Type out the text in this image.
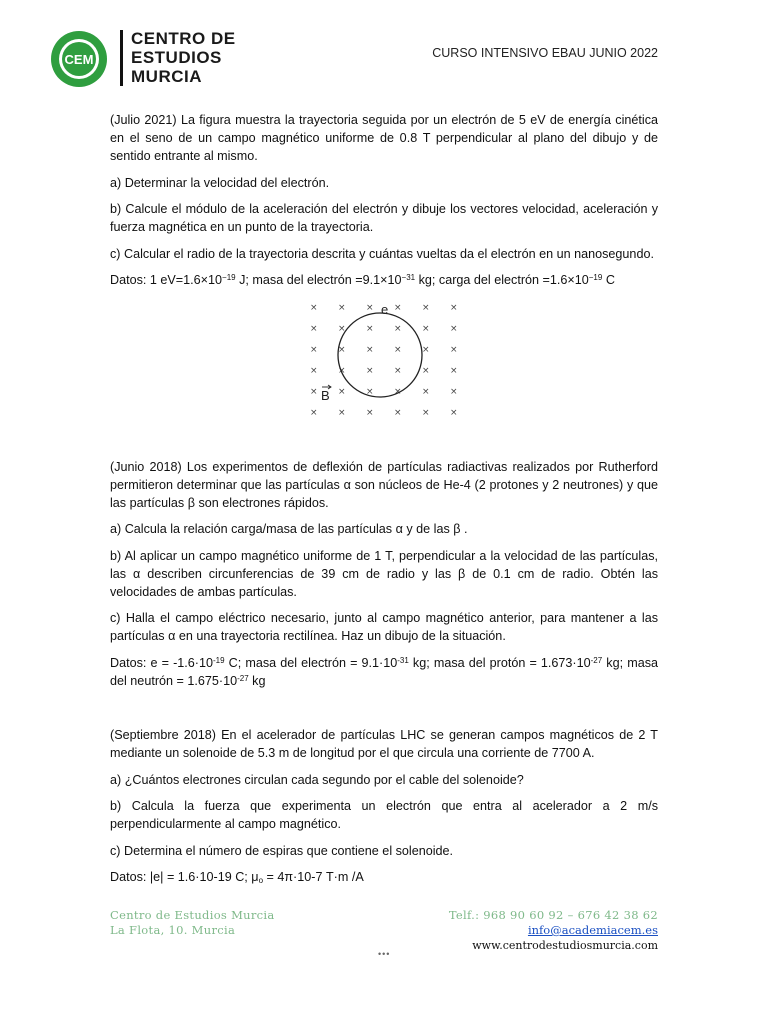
CEM
CENTRO DE
ESTUDIOS
MURCIA
CURSO INTENSIVO EBAU JUNIO 2022

(Julio 2021) La figura muestra la trayectoria seguida por un electrón de 5 eV de energía cinética en el seno de un campo magnético uniforme de 0.8 T perpendicular al plano del dibujo y de sentido entrante al mismo.

a) Determinar la velocidad del electrón.

b) Calcule el módulo de la aceleración del electrón y dibuje los vectores velocidad, aceleración y fuerza magnética en un punto de la trayectoria.

c) Calcular el radio de la trayectoria descrita y cuántas vueltas da el electrón en un nanosegundo.

Datos: 1 $eV=1.6\times 10^{-19}$ J; masa del electrón $=9.1\times 10^{-31}$ kg; carga del electrón $=1.6\times 10^{-19}$ C

× × × × × ×
× × × × × ×
× × × × × ×
× × × × × ×
× × × × × ×
× × × × × ×
e
B

(Junio 2018) Los experimentos de deflexión de partículas radiactivas realizados por Rutherford permitieron determinar que las partículas α son núcleos de He-4 (2 protones y 2 neutrones) y que las partículas β son electrones rápidos.

a) Calcula la relación carga/masa de las partículas α y de las β .

b) Al aplicar un campo magnético uniforme de 1 T, perpendicular a la velocidad de las partículas, las α describen circunferencias de 39 cm de radio y las β de 0.1 cm de radio. Obtén las velocidades de ambas partículas.

c) Halla el campo eléctrico necesario, junto al campo magnético anterior, para mantener a las partículas α en una trayectoria rectilínea. Haz un dibujo de la situación.

Datos: $e = -1.6\cdot 10^{-19}$ C; masa del electrón = $9.1\cdot 10^{-31}$ kg; masa del protón = $1.673\cdot 10^{-27}$ kg; masa del neutrón = $1.675\cdot 10^{-27}$ kg

(Septiembre 2018) En el acelerador de partículas LHC se generan campos magnéticos de 2 T mediante un solenoide de 5.3 m de longitud por el que circula una corriente de 7700 A.

a) ¿Cuántos electrones circulan cada segundo por el cable del solenoide?

b) Calcula la fuerza que experimenta un electrón que entra al acelerador a 2 m/s perpendicularmente al campo magnético.

c) Determina el número de espiras que contiene el solenoide.

Datos: |e| = 1.6·10-19 C; $\mu_o = 4\pi\cdot 10-7$ T·m /A

Centro de Estudios Murcia
La Flota, 10. Murcia
Telf.: 968 90 60 92 – 676 42 38 62
info@academiacem.es
www.centrodestudiosmurcia.com
•••
